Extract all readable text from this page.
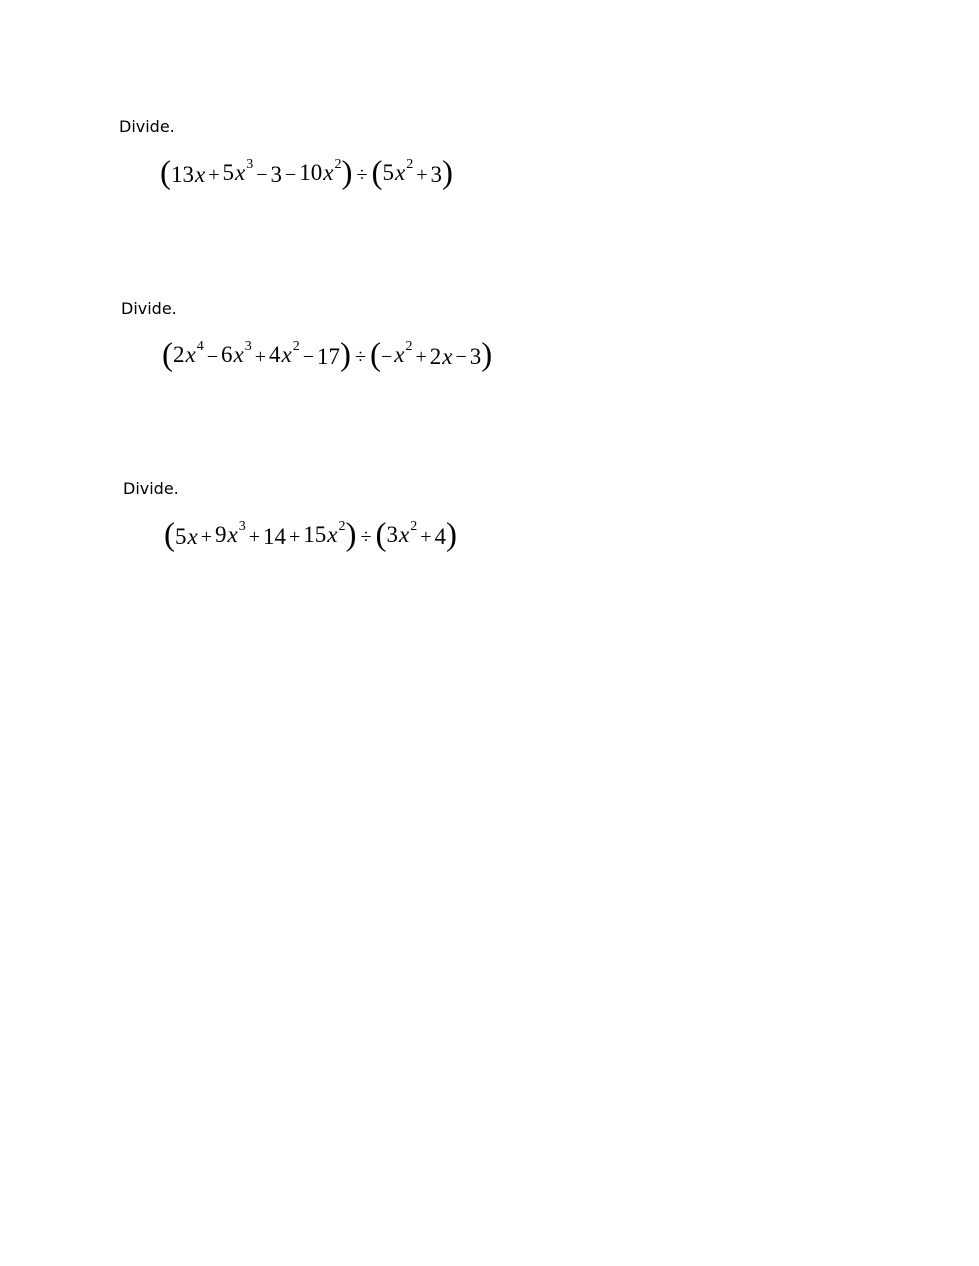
Divide.
( 13 x + 5 x 3 − 3 − 10 x 2 ) ÷ ( 5 x 2 + 3 )
Divide.
( 2 x 4 − 6 x 3 + 4 x 2 − 17 ) ÷ ( − x 2 + 2 x − 3 )
Divide.
( 5 x + 9 x 3 + 14 + 15 x 2 ) ÷ ( 3 x 2 + 4 )
